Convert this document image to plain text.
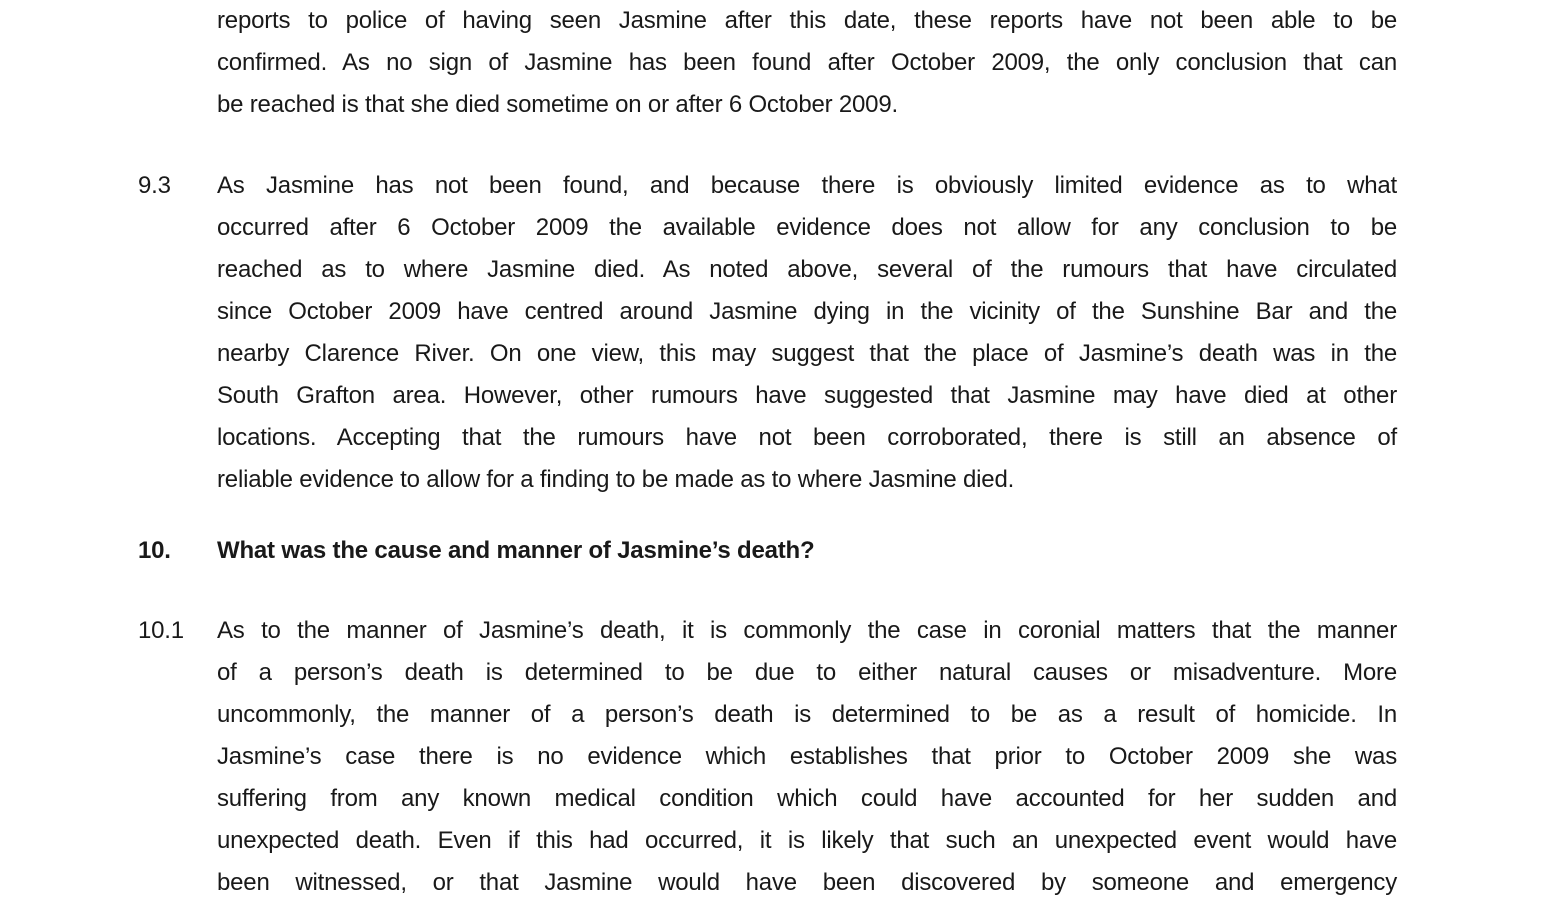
reports to police of having seen Jasmine after this date, these reports have not been able to be
confirmed. As no sign of Jasmine has been found after October 2009, the only conclusion that can
be reached is that she died sometime on or after 6 October 2009.
9.3	As Jasmine has not been found, and because there is obviously limited evidence as to what
occurred after 6 October 2009 the available evidence does not allow for any conclusion to be
reached as to where Jasmine died. As noted above, several of the rumours that have circulated
since October 2009 have centred around Jasmine dying in the vicinity of the Sunshine Bar and the
nearby Clarence River. On one view, this may suggest that the place of Jasmine’s death was in the
South Grafton area. However, other rumours have suggested that Jasmine may have died at other
locations. Accepting that the rumours have not been corroborated, there is still an absence of
reliable evidence to allow for a finding to be made as to where Jasmine died.
10.	What was the cause and manner of Jasmine’s death?
10.1	As to the manner of Jasmine’s death, it is commonly the case in coronial matters that the manner
of a person’s death is determined to be due to either natural causes or misadventure. More
uncommonly, the manner of a person’s death is determined to be as a result of homicide. In
Jasmine’s case there is no evidence which establishes that prior to October 2009 she was
suffering from any known medical condition which could have accounted for her sudden and
unexpected death. Even if this had occurred, it is likely that such an unexpected event would have
been witnessed, or that Jasmine would have been discovered by someone and emergency
